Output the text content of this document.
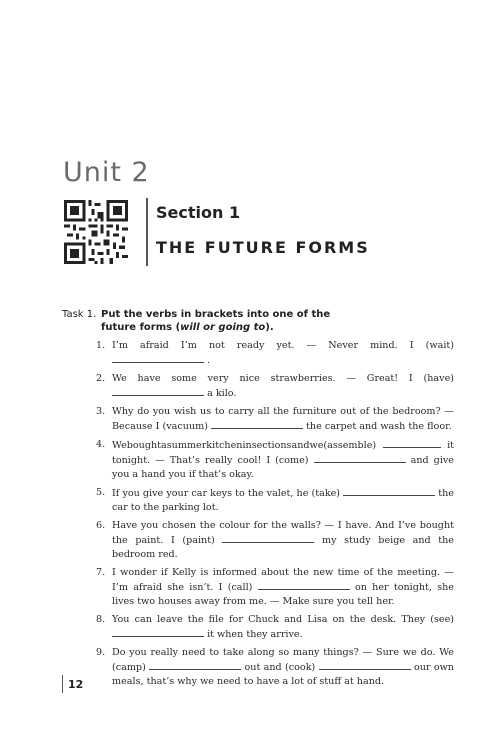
Unit 2
Section 1
THE FUTURE FORMS
Task 1. Put the verbs in brackets into one of the future forms (will or going to).
1. I’m afraid I’m not ready yet. — Never mind. I (wait)  .
2. We have some very nice strawberries. — Great! I (have)  a kilo.
3. Why do you wish us to carry all the furniture out of the bedroom? — Because I (vacuum)	the carpet and wash the floor.
4. Weboughtasummerkitcheninsectionsandwe(assemble)	it tonight. — That’s really cool! I (come)	and give you a hand you if that’s okay.
5. If you give your car keys to the valet, he (take)	the car to the parking lot.
6. Have you chosen the colour for the walls? — I have. And I’ve bought the paint. I (paint)	my study beige and the bedroom red.
7. I wonder if Kelly is informed about the new time of the meeting. — I’m afraid she isn’t. I (call)	on her tonight, she lives two houses away from me. — Make sure you tell her.
8. You can leave the file for Chuck and Lisa on the desk. They (see)  it when they arrive.
9. Do you really need to take along so many things? — Sure we do. We (camp)	out and (cook)	our own meals, that’s why we need to have a lot of stuff at hand.
12
